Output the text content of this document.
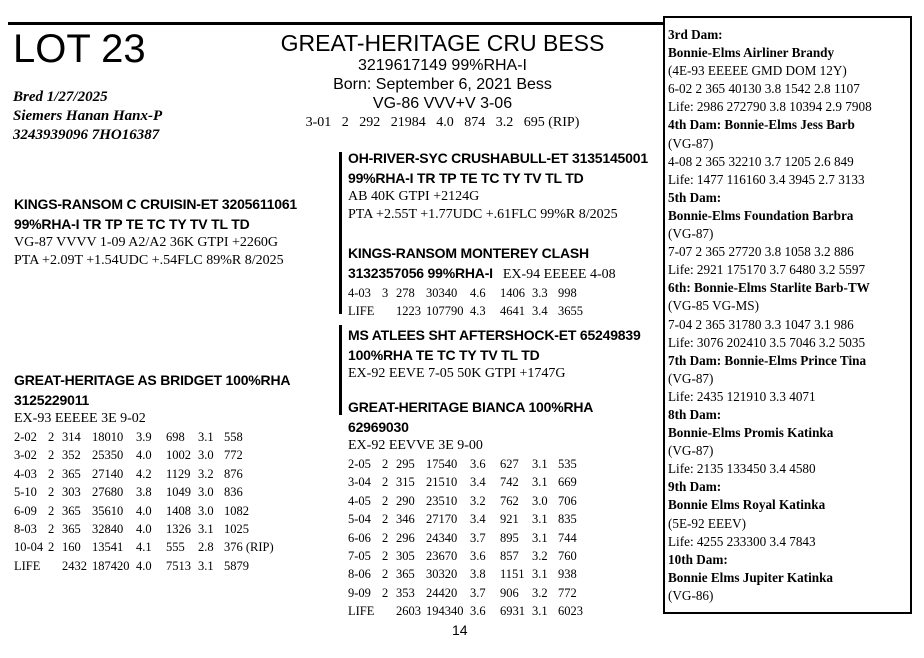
LOT 23
Bred 1/27/2025
Siemers Hanan Hanx-P
3243939096 7HO16387
GREAT-HERITAGE CRU BESS
3219617149 99%RHA-I
Born: September 6, 2021 Bess
VG-86 VVV+V 3-06
3-01   2   292   21984   4.0   874   3.2   695 (RIP)
KINGS-RANSOM C CRUISIN-ET 3205611061
99%RHA-I TR TP TE TC TY TV TL TD
VG-87 VVVV 1-09 A2/A2 36K GTPI +2260G
PTA +2.09T +1.54UDC +.54FLC 89%R 8/2025
OH-RIVER-SYC CRUSHABULL-ET 3135145001
99%RHA-I TR TP TE TC TY TV TL TD
AB 40K GTPI +2124G
PTA +2.55T +1.77UDC +.61FLC 99%R 8/2025
KINGS-RANSOM MONTEREY CLASH
3132357056 99%RHA-I EX-94 EEEEE 4-08
4-03 3 278 30340	4.6	1406 3.3 998
LIFE	1223 107790 4.3	4641 3.4 3655
GREAT-HERITAGE AS BRIDGET 100%RHA
3125229011
EX-93 EEEEE 3E 9-02
2-02 2 314 18010	3.9	698	3.1 558
3-02 2 352 25350	4.0	1002 3.0 772
4-03 2 365 27140	4.2	1129 3.2 876
5-10 2 303 27680	3.8	1049 3.0 836
6-09 2 365 35610	4.0	1408 3.0 1082
8-03 2 365 32840	4.0	1326 3.1 1025
10-04 2 160 13541	4.1	555	2.8 376 (RIP)
LIFE	2432 187420 4.0	7513 3.1 5879
MS ATLEES SHT AFTERSHOCK-ET 65249839
100%RHA TE TC TY TV TL TD
EX-92 EEVE 7-05 50K GTPI +1747G
GREAT-HERITAGE BIANCA 100%RHA
62969030
EX-92 EEVVE 3E 9-00
2-05 2 295 17540	3.6	627	3.1 535
3-04 2 315 21510	3.4	742	3.1 669
4-05 2 290 23510	3.2	762	3.0 706
5-04 2 346 27170	3.4	921	3.1 835
6-06 2 296 24340	3.7	895	3.1 744
7-05 2 305 23670	3.6	857	3.2 760
8-06 2 365 30320	3.8	1151 3.1 938
9-09 2 353 24420	3.7	906	3.2 772
LIFE	2603 194340 3.6	6931 3.1 6023
3rd Dam:
Bonnie-Elms Airliner Brandy
(4E-93 EEEEE GMD DOM 12Y)
6-02 2 365 40130 3.8 1542 2.8 1107
Life: 2986 272790 3.8 10394 2.9 7908
4th Dam: Bonnie-Elms Jess Barb
(VG-87)
4-08 2 365 32210 3.7 1205 2.6 849
Life: 1477 116160 3.4 3945 2.7 3133
5th Dam:
Bonnie-Elms Foundation Barbra
(VG-87)
7-07 2 365 27720 3.8 1058 3.2 886
Life: 2921 175170 3.7 6480 3.2 5597
6th: Bonnie-Elms Starlite Barb-TW
(VG-85 VG-MS)
7-04 2 365 31780 3.3 1047 3.1 986
Life: 3076 202410 3.5 7046 3.2 5035
7th Dam: Bonnie-Elms Prince Tina
(VG-87)
Life: 2435 121910 3.3 4071
8th Dam:
Bonnie-Elms Promis Katinka
(VG-87)
Life: 2135 133450 3.4 4580
9th Dam:
Bonnie Elms Royal Katinka
(5E-92 EEEV)
Life: 4255 233300 3.4 7843
10th Dam:
Bonnie Elms Jupiter Katinka
(VG-86)
14
